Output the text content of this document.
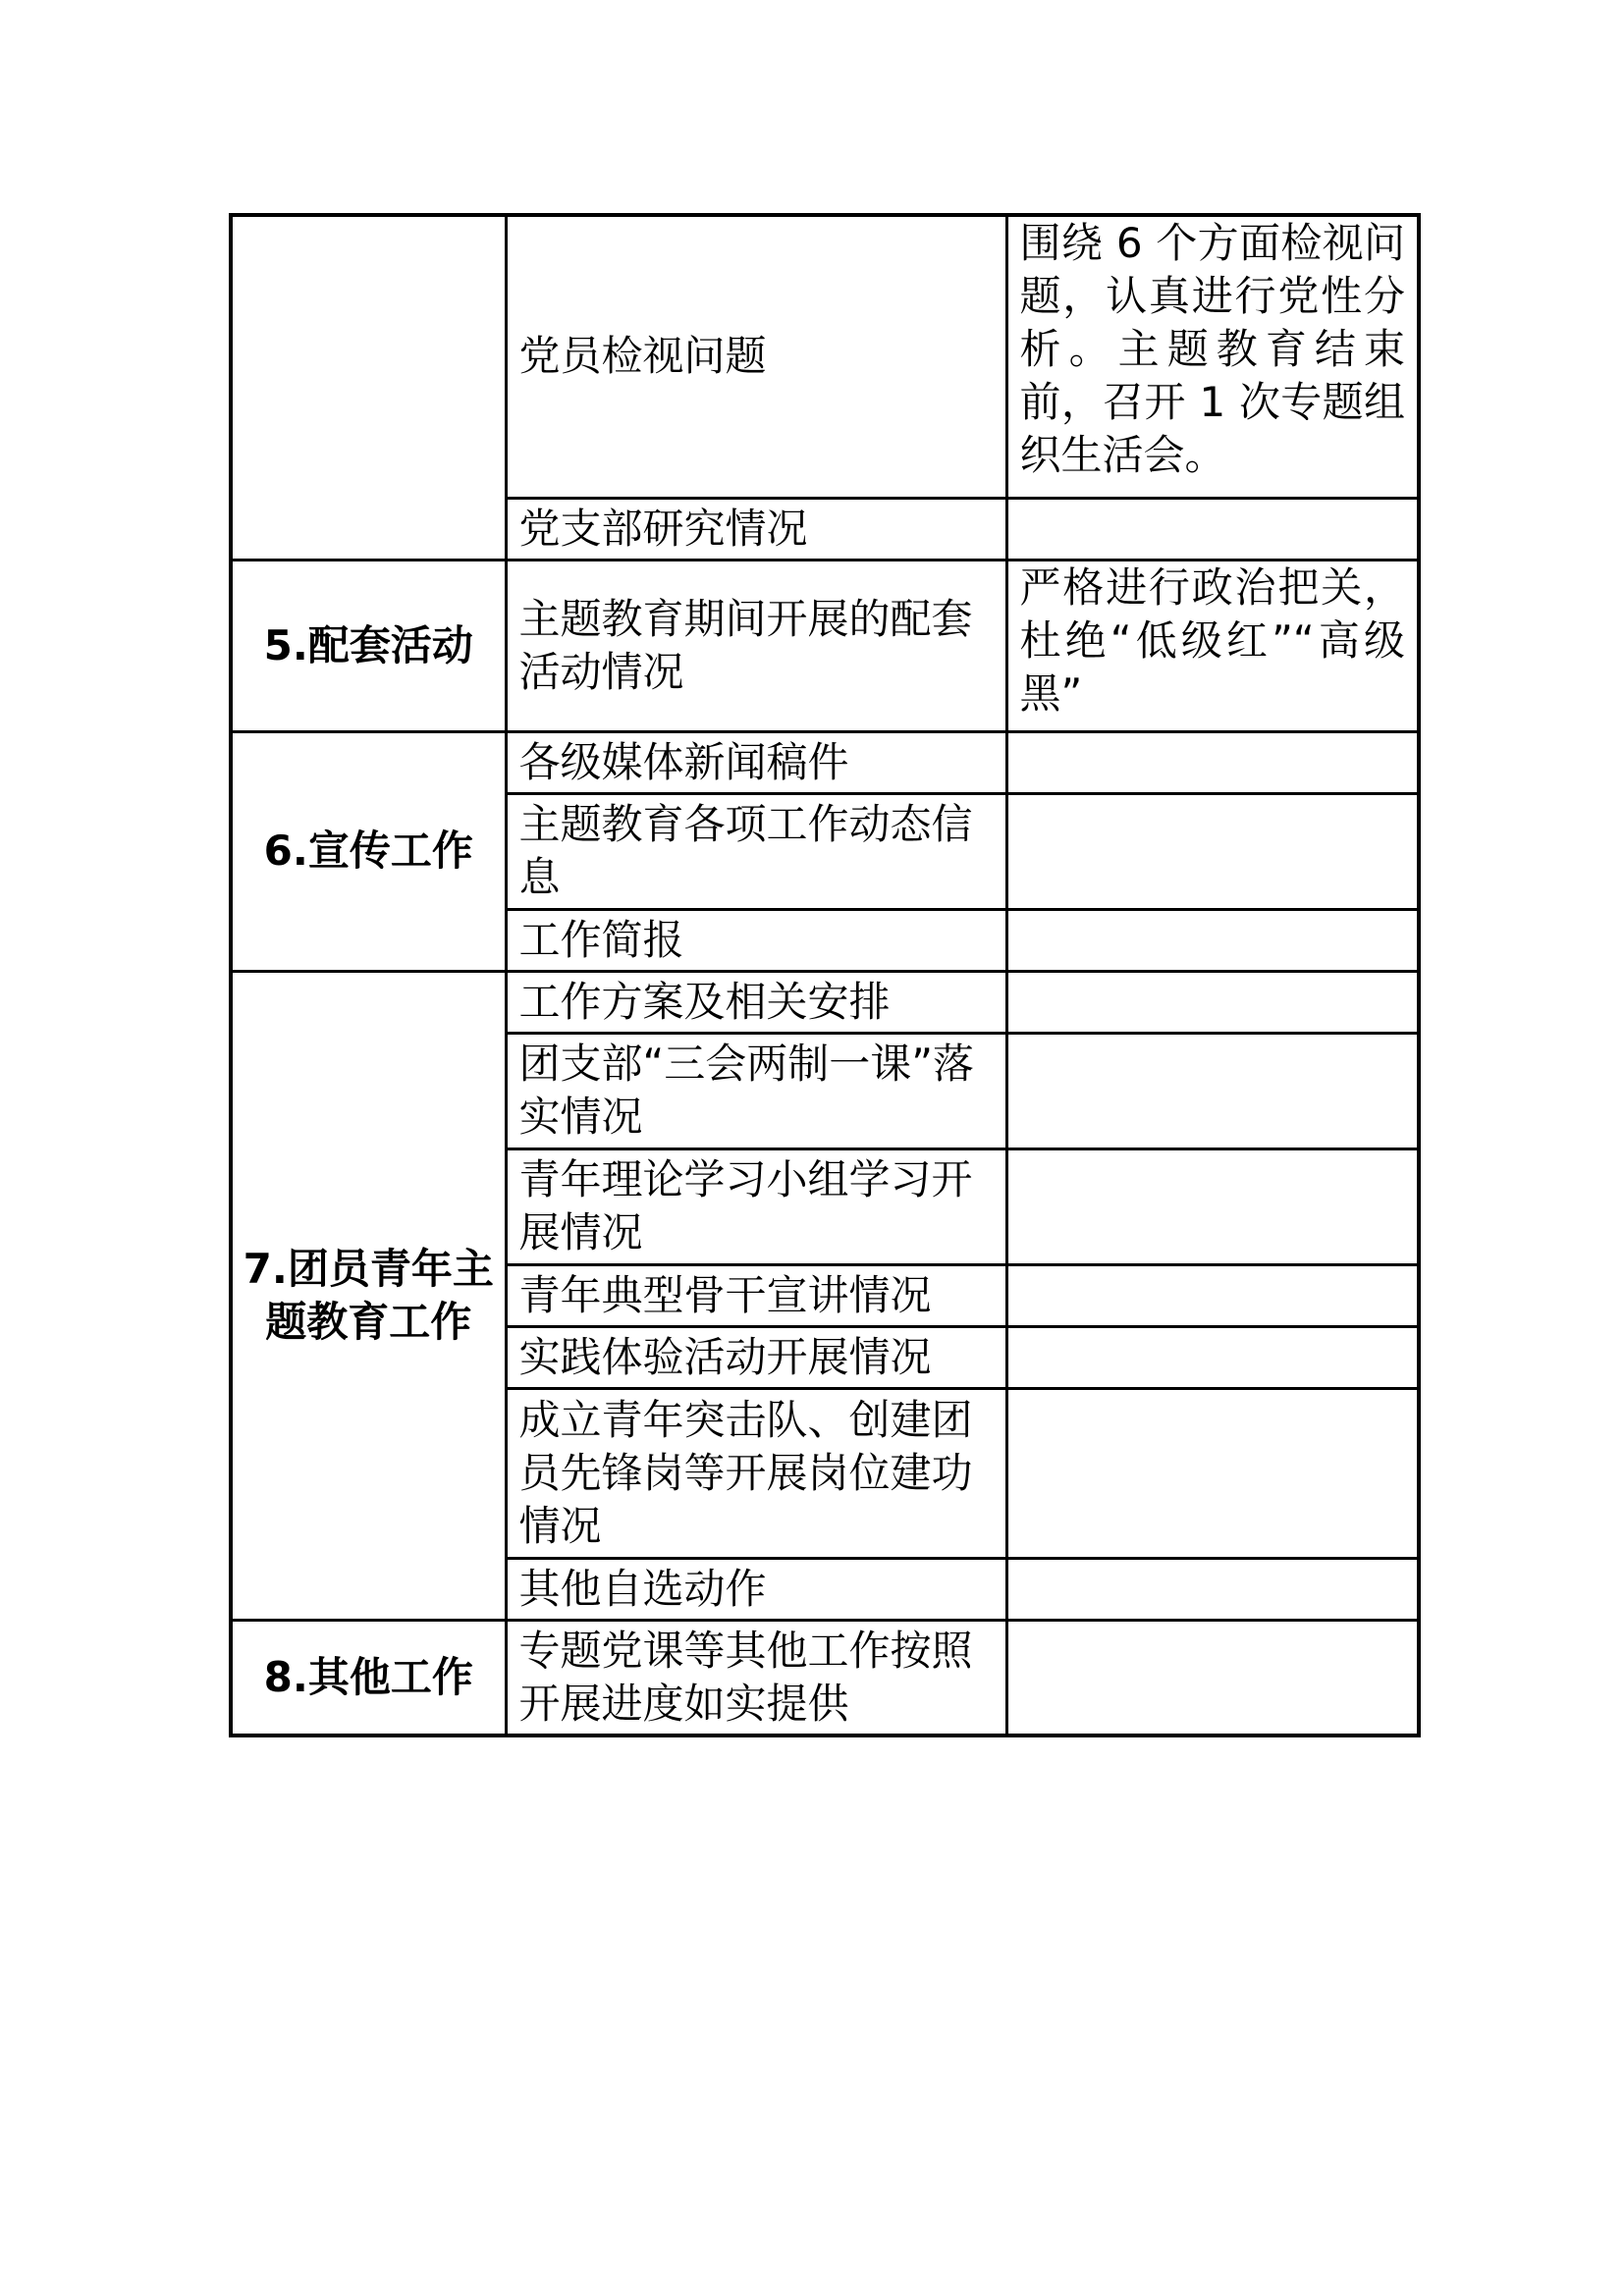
	党员检视问题	围绕 6 个方面检视问题，认真进行党性分析。主题教育结束前，召开 1 次专题组织生活会。
	党支部研究情况	
5.配套活动	主题教育期间开展的配套活动情况	严格进行政治把关，杜绝“低级红”“高级黑”
6.宣传工作	各级媒体新闻稿件	
	主题教育各项工作动态信息	
	工作简报	
7.团员青年主题教育工作	工作方案及相关安排	
	团支部“三会两制一课”落实情况	
	青年理论学习小组学习开展情况	
	青年典型骨干宣讲情况	
	实践体验活动开展情况	
	成立青年突击队、创建团员先锋岗等开展岗位建功情况	
	其他自选动作	
8.其他工作	专题党课等其他工作按照开展进度如实提供	
